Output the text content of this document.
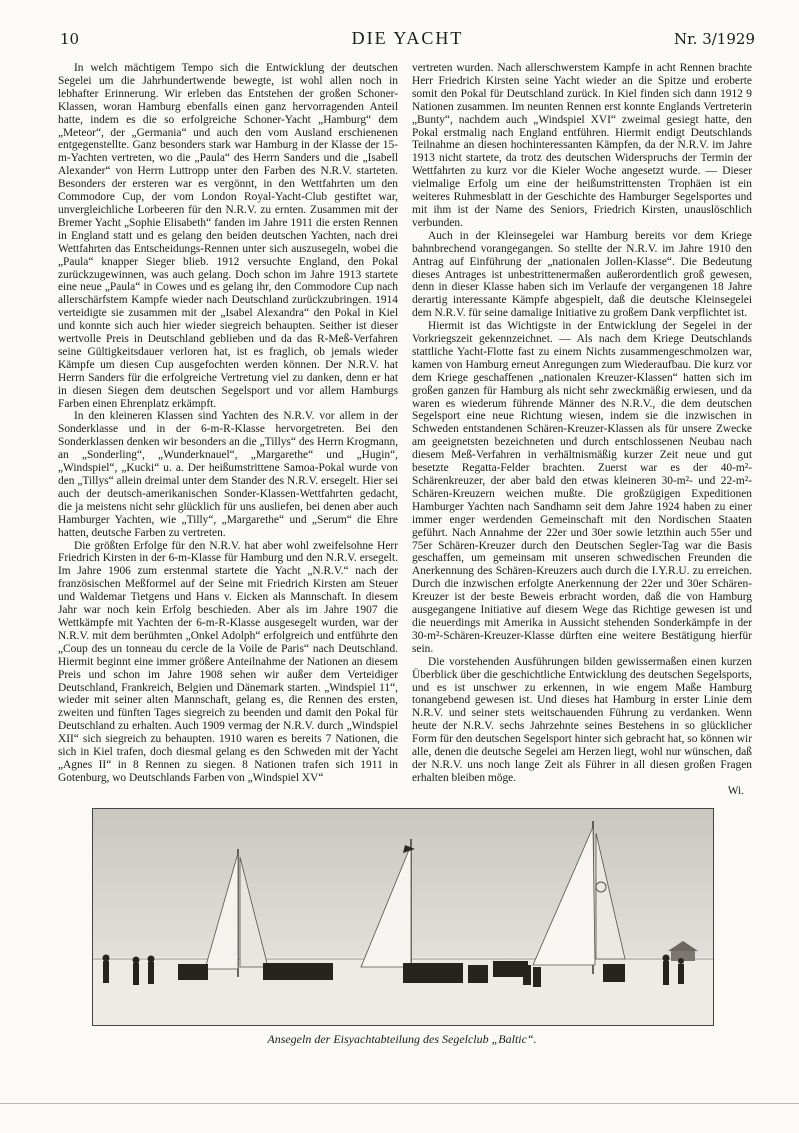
10	DIE YACHT	Nr. 3/1929

In welch mächtigem Tempo sich die Entwicklung der deutschen Segelei um die Jahrhundertwende bewegte, ist wohl allen noch in lebhafter Erinnerung. Wir erleben das Entstehen der großen Schoner-Klassen, woran Hamburg ebenfalls einen ganz hervorragenden Anteil hatte, indem es die so erfolgreiche Schoner-Yacht „Hamburg“ dem „Meteor“, der „Germania“ und auch den vom Ausland erschienenen entgegenstellte. Ganz besonders stark war Hamburg in der Klasse der 15-m-Yachten vertreten, wo die „Paula“ des Herrn Sanders und die „Isabell Alexander“ von Herrn Luttropp unter den Farben des N.R.V. starteten. Besonders der ersteren war es vergönnt, in den Wettfahrten um den Commodore Cup, der vom London Royal-Yacht-Club gestiftet war, unvergleichliche Lorbeeren für den N.R.V. zu ernten. Zusammen mit der Bremer Yacht „Sophie Elisabeth“ fanden im Jahre 1911 die ersten Rennen in England statt und es gelang den beiden deutschen Yachten, nach drei Wettfahrten das Entscheidungs-Rennen unter sich auszusegeln, wobei die „Paula“ knapper Sieger blieb. 1912 versuchte England, den Pokal zurückzugewinnen, was auch gelang. Doch schon im Jahre 1913 startete eine neue „Paula“ in Cowes und es gelang ihr, den Commodore Cup nach allerschärfstem Kampfe wieder nach Deutschland zurückzubringen. 1914 verteidigte sie zusammen mit der „Isabel Alexandra“ den Pokal in Kiel und konnte sich auch hier wieder siegreich behaupten. Seither ist dieser wertvolle Preis in Deutschland geblieben und da das R-Meß-Verfahren seine Gültigkeitsdauer verloren hat, ist es fraglich, ob jemals wieder Kämpfe um diesen Cup ausgefochten werden können. Der N.R.V. hat Herrn Sanders für die erfolgreiche Vertretung viel zu danken, denn er hat in diesen Siegen dem deutschen Segelsport und vor allem Hamburgs Farben einen Ehrenplatz erkämpft.

In den kleineren Klassen sind Yachten des N.R.V. vor allem in der Sonderklasse und in der 6-m-R-Klasse hervorgetreten. Bei den Sonderklassen denken wir besonders an die „Tillys“ des Herrn Krogmann, an „Sonderling“, „Wunderknauel“, „Margarethe“ und „Hugin“, „Windspiel“, „Kucki“ u. a. Der heißumstrittene Samoa-Pokal wurde von den „Tillys“ allein dreimal unter dem Stander des N.R.V. ersegelt. Hier sei auch der deutsch-amerikanischen Sonder-Klassen-Wettfahrten gedacht, die ja meistens nicht sehr glücklich für uns ausliefen, bei denen aber auch Hamburger Yachten, wie „Tilly“, „Margarethe“ und „Serum“ die Ehre hatten, deutsche Farben zu vertreten.

Die größten Erfolge für den N.R.V. hat aber wohl zweifelsohne Herr Friedrich Kirsten in der 6-m-Klasse für Hamburg und den N.R.V. ersegelt. Im Jahre 1906 zum erstenmal startete die Yacht „N.R.V.“ nach der französischen Meßformel auf der Seine mit Friedrich Kirsten am Steuer und Waldemar Tietgens und Hans v. Eicken als Mannschaft. In diesem Jahr war noch kein Erfolg beschieden. Aber als im Jahre 1907 die Wettkämpfe mit Yachten der 6-m-R-Klasse ausgesegelt wurden, war der N.R.V. mit dem berühmten „Onkel Adolph“ erfolgreich und entführte den „Coup des un tonneau du cercle de la Voile de Paris“ nach Deutschland. Hiermit beginnt eine immer größere Anteilnahme der Nationen an diesem Preis und schon im Jahre 1908 sehen wir außer dem Verteidiger Deutschland, Frankreich, Belgien und Dänemark starten. „Windspiel 11“, wieder mit seiner alten Mannschaft, gelang es, die Rennen des ersten, zweiten und fünften Tages siegreich zu beenden und damit den Pokal für Deutschland zu erhalten. Auch 1909 vermag der N.R.V. durch „Windspiel XII“ sich siegreich zu behaupten. 1910 waren es bereits 7 Nationen, die sich in Kiel trafen, doch diesmal gelang es den Schweden mit der Yacht „Agnes II“ in 8 Rennen zu siegen. 8 Nationen trafen sich 1911 in Gotenburg, wo Deutschlands Farben von „Windspiel XV“

vertreten wurden. Nach allerschwerstem Kampfe in acht Rennen brachte Herr Friedrich Kirsten seine Yacht wieder an die Spitze und eroberte somit den Pokal für Deutschland zurück. In Kiel finden sich dann 1912 9 Nationen zusammen. Im neunten Rennen erst konnte Englands Vertreterin „Bunty“, nachdem auch „Windspiel XVI“ zweimal gesiegt hatte, den Pokal erstmalig nach England entführen. Hiermit endigt Deutschlands Teilnahme an diesen hochinteressanten Kämpfen, da der N.R.V. im Jahre 1913 nicht startete, da trotz des deutschen Widerspruchs der Termin der Wettfahrten zu kurz vor die Kieler Woche angesetzt wurde. — Dieser vielmalige Erfolg um eine der heißumstrittensten Trophäen ist ein weiteres Ruhmesblatt in der Geschichte des Hamburger Segelsportes und mit ihm ist der Name des Seniors, Friedrich Kirsten, unauslöschlich verbunden.

Auch in der Kleinsegelei war Hamburg bereits vor dem Kriege bahnbrechend vorangegangen. So stellte der N.R.V. im Jahre 1910 den Antrag auf Einführung der „nationalen Jollen-Klasse“. Die Bedeutung dieses Antrages ist unbestrittenermaßen außerordentlich groß gewesen, denn in dieser Klasse haben sich im Verlaufe der vergangenen 18 Jahre derartig interessante Kämpfe abgespielt, daß die deutsche Kleinsegelei dem N.R.V. für seine damalige Initiative zu großem Dank verpflichtet ist.

Hiermit ist das Wichtigste in der Entwicklung der Segelei in der Vorkriegszeit gekennzeichnet. — Als nach dem Kriege Deutschlands stattliche Yacht-Flotte fast zu einem Nichts zusammengeschmolzen war, kamen von Hamburg erneut Anregungen zum Wiederaufbau. Die kurz vor dem Kriege geschaffenen „nationalen Kreuzer-Klassen“ hatten sich im großen ganzen für Hamburg als nicht sehr zweckmäßig erwiesen, und da waren es wiederum führende Männer des N.R.V., die dem deutschen Segelsport eine neue Richtung wiesen, indem sie die inzwischen in Schweden entstandenen Schären-Kreuzer-Klassen als für unsere Zwecke am geeignetsten bezeichneten und durch entschlossenen Neubau nach diesem Meß-Verfahren in verhältnismäßig kurzer Zeit neue und gut besetzte Regatta-Felder brachten. Zuerst war es der 40-m²-Schärenkreuzer, der aber bald den etwas kleineren 30-m²- und 22-m²-Schären-Kreuzern weichen mußte. Die großzügigen Expeditionen Hamburger Yachten nach Sandhamn seit dem Jahre 1924 haben zu einer immer enger werdenden Gemeinschaft mit den Nordischen Staaten geführt. Nach Annahme der 22er und 30er sowie letzthin auch 55er und 75er Schären-Kreuzer durch den Deutschen Segler-Tag war die Basis geschaffen, um gemeinsam mit unseren schwedischen Freunden die Anerkennung des Schären-Kreuzers auch durch die I.Y.R.U. zu erreichen. Durch die inzwischen erfolgte Anerkennung der 22er und 30er Schären-Kreuzer ist der beste Beweis erbracht worden, daß die von Hamburg ausgegangene Initiative auf diesem Wege das Richtige gewesen ist und die neuerdings mit Amerika in Aussicht stehenden Sonderkämpfe in der 30-m²-Schären-Kreuzer-Klasse dürften eine weitere Bestätigung hierfür sein.

Die vorstehenden Ausführungen bilden gewissermaßen einen kurzen Überblick über die geschichtliche Entwicklung des deutschen Segelsports, und es ist unschwer zu erkennen, in wie engem Maße Hamburg tonangebend gewesen ist. Und dieses hat Hamburg in erster Linie dem N.R.V. und seiner stets weitschauenden Führung zu verdanken. Wenn heute der N.R.V. sechs Jahrzehnte seines Bestehens in so glücklicher Form für den deutschen Segelsport hinter sich gebracht hat, so können wir alle, denen die deutsche Segelei am Herzen liegt, wohl nur wünschen, daß der N.R.V. uns noch lange Zeit als Führer in all diesen großen Fragen erhalten bleiben möge.

Wi.

Ansegeln der Eisyachtabteilung des Segelclub „Baltic“.
